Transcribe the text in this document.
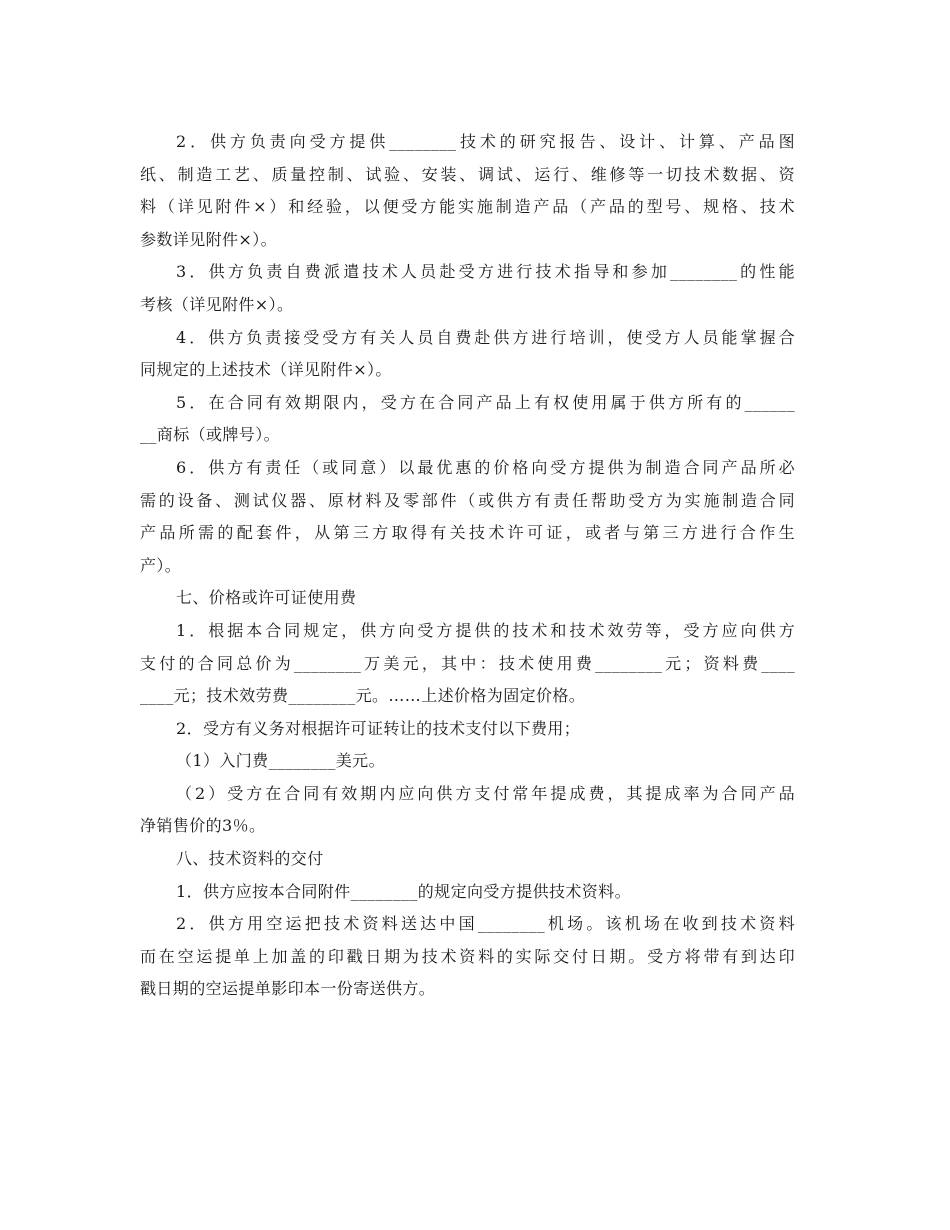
2．供方负责向受方提供________技术的研究报告、设计、计算、产品图
纸、制造工艺、质量控制、试验、安装、调试、运行、维修等一切技术数据、资
料（详见附件×）和经验，以便受方能实施制造产品（产品的型号、规格、技术
参数详见附件×）。
3．供方负责自费派遣技术人员赴受方进行技术指导和参加________的性能
考核（详见附件×）。
4．供方负责接受受方有关人员自费赴供方进行培训，使受方人员能掌握合
同规定的上述技术（详见附件×）。
5．在合同有效期限内，受方在合同产品上有权使用属于供方所有的______
__商标（或牌号）。
6．供方有责任（或同意）以最优惠的价格向受方提供为制造合同产品所必
需的设备、测试仪器、原材料及零部件（或供方有责任帮助受方为实施制造合同
产品所需的配套件，从第三方取得有关技术许可证，或者与第三方进行合作生
产）。
七、价格或许可证使用费
1．根据本合同规定，供方向受方提供的技术和技术效劳等，受方应向供方
支付的合同总价为________万美元，其中：技术使用费________元；资料费____
____元；技术效劳费________元。……上述价格为固定价格。
2．受方有义务对根据许可证转让的技术支付以下费用；
（1）入门费________美元。
（2）受方在合同有效期内应向供方支付常年提成费，其提成率为合同产品
净销售价的3％。
八、技术资料的交付
1．供方应按本合同附件________的规定向受方提供技术资料。
2．供方用空运把技术资料送达中国________机场。该机场在收到技术资料
而在空运提单上加盖的印戳日期为技术资料的实际交付日期。受方将带有到达印
戳日期的空运提单影印本一份寄送供方。
